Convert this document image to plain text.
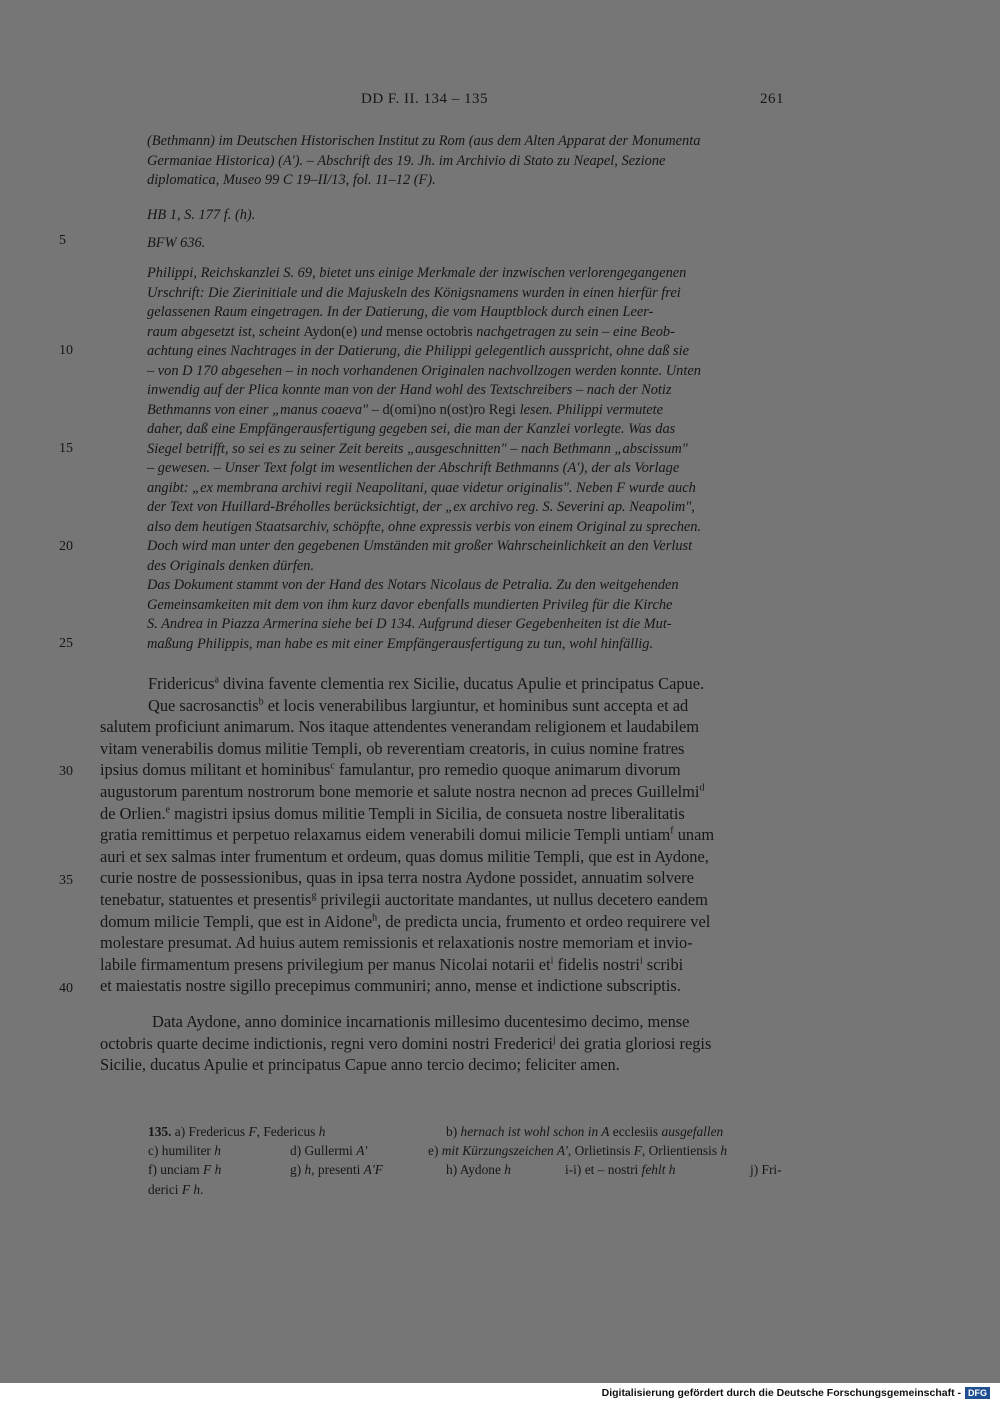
DD F. II. 134 – 135	261
5
10
15
20
25
30
35
40
(Bethmann) im Deutschen Historischen Institut zu Rom (aus dem Alten Apparat der Monumenta
Germaniae Historica) (A'). – Abschrift des 19. Jh. im Archivio di Stato zu Neapel, Sezione
diplomatica, Museo 99 C 19–II/13, fol. 11–12 (F).
HB 1, S. 177 f. (h).
BFW 636.
Philippi, Reichskanzlei S. 69, bietet uns einige Merkmale der inzwischen verlorengegangenen
Urschrift: Die Zierinitiale und die Majuskeln des Königsnamens wurden in einen hierfür frei
gelassenen Raum eingetragen. In der Datierung, die vom Hauptblock durch einen Leer-
raum abgesetzt ist, scheint Aydon(e) und mense octobris nachgetragen zu sein – eine Beob-
achtung eines Nachtrages in der Datierung, die Philippi gelegentlich ausspricht, ohne daß sie
– von D 170 abgesehen – in noch vorhandenen Originalen nachvollzogen werden konnte. Unten
inwendig auf der Plica konnte man von der Hand wohl des Textschreibers – nach der Notiz
Bethmanns von einer „manus coaeva" – d(omi)no n(ost)ro Regi lesen. Philippi vermutete
daher, daß eine Empfängerausfertigung gegeben sei, die man der Kanzlei vorlegte. Was das
Siegel betrifft, so sei es zu seiner Zeit bereits „ausgeschnitten" – nach Bethmann „abscissum"
– gewesen. – Unser Text folgt im wesentlichen der Abschrift Bethmanns (A'), der als Vorlage
angibt: „ex membrana archivi regii Neapolitani, quae videtur originalis". Neben F wurde auch
der Text von Huillard-Bréholles berücksichtigt, der „ex archivo reg. S. Severini ap. Neapolim",
also dem heutigen Staatsarchiv, schöpfte, ohne expressis verbis von einem Original zu sprechen.
Doch wird man unter den gegebenen Umständen mit großer Wahrscheinlichkeit an den Verlust
des Originals denken dürfen.
Das Dokument stammt von der Hand des Notars Nicolaus de Petralia. Zu den weitgehenden
Gemeinsamkeiten mit dem von ihm kurz davor ebenfalls mundierten Privileg für die Kirche
S. Andrea in Piazza Armerina siehe bei D 134. Aufgrund dieser Gegebenheiten ist die Mut-
maßung Philippis, man habe es mit einer Empfängerausfertigung zu tun, wohl hinfällig.
Fridericus$^a$ divina favente clementia rex Sicilie, ducatus Apulie et principatus Capue.
Que sacrosanctis$^b$ et locis venerabilibus largiuntur, et hominibus sunt accepta et ad
salutem proficiunt animarum. Nos itaque attendentes venerandam religionem et laudabilem
vitam venerabilis domus militie Templi, ob reverentiam creatoris, in cuius nomine fratres
ipsius domus militant et hominibus$^c$ famulantur, pro remedio quoque animarum divorum
augustorum parentum nostrorum bone memorie et salute nostra necnon ad preces Guillelmi$^d$
de Orlien.$^e$ magistri ipsius domus militie Templi in Sicilia, de consueta nostre liberalitatis
gratia remittimus et perpetuo relaxamus eidem venerabili domui milicie Templi untiam$^f$ unam
auri et sex salmas inter frumentum et ordeum, quas domus militie Templi, que est in Aydone,
curie nostre de possessionibus, quas in ipsa terra nostra Aydone possidet, annuatim solvere
tenebatur, statuentes et presentis$^g$ privilegii auctoritate mandantes, ut nullus decetero eandem
domum milicie Templi, que est in Aidone$^h$, de predicta uncia, frumento et ordeo requirere vel
molestare presumat. Ad huius autem remissionis et relaxationis nostre memoriam et invio-
labile firmamentum presens privilegium per manus Nicolai notarii $et^i$ fidelis nostri$^i$ scribi
et maiestatis nostre sigillo precepimus communiri; anno, mense et indictione subscriptis.
Data Aydone, anno dominice incarnationis millesimo ducentesimo decimo, mense
octobris quarte decime indictionis, regni vero domini nostri Frederici$^j$ dei gratia gloriosi regis
Sicilie, ducatus Apulie et principatus Capue anno tercio decimo; feliciter amen.
135. a) Fredericus F, Federicus h	b) hernach ist wohl schon in A ecclesiis ausgefallen
c) humiliter h	d) Gullermi A'	e) mit Kürzungszeichen A', Orlietinsis F, Orlientiensis h
f) unciam F h	g) h, presenti A'F	h) Aydone h	i-i) et – nostri fehlt h	j) Fri-
derici F h.
Digitalisierung gefördert durch die Deutsche Forschungsgemeinschaft - DFG
